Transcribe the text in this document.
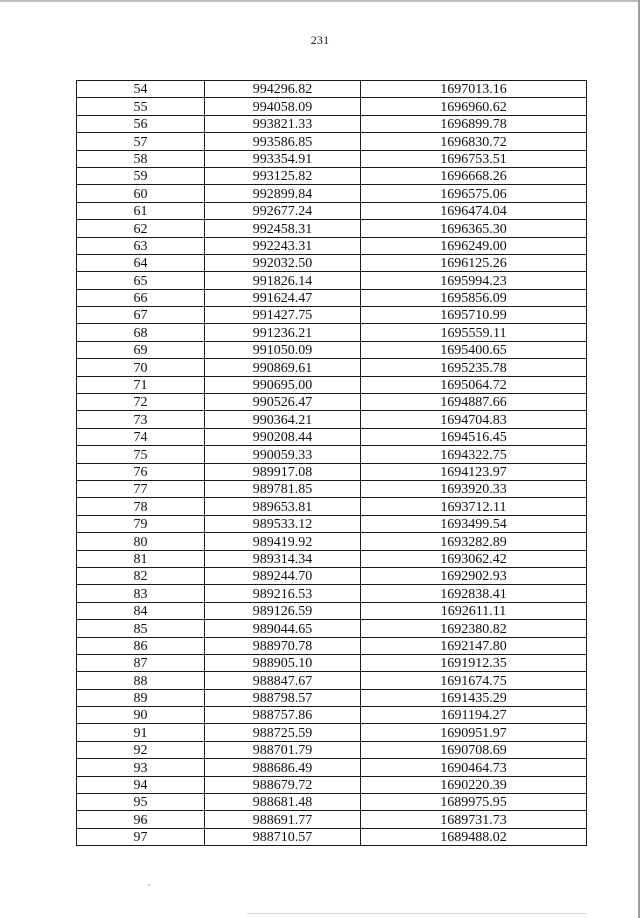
231
54	994296.82	1697013.16
55	994058.09	1696960.62
56	993821.33	1696899.78
57	993586.85	1696830.72
58	993354.91	1696753.51
59	993125.82	1696668.26
60	992899.84	1696575.06
61	992677.24	1696474.04
62	992458.31	1696365.30
63	992243.31	1696249.00
64	992032.50	1696125.26
65	991826.14	1695994.23
66	991624.47	1695856.09
67	991427.75	1695710.99
68	991236.21	1695559.11
69	991050.09	1695400.65
70	990869.61	1695235.78
71	990695.00	1695064.72
72	990526.47	1694887.66
73	990364.21	1694704.83
74	990208.44	1694516.45
75	990059.33	1694322.75
76	989917.08	1694123.97
77	989781.85	1693920.33
78	989653.81	1693712.11
79	989533.12	1693499.54
80	989419.92	1693282.89
81	989314.34	1693062.42
82	989244.70	1692902.93
83	989216.53	1692838.41
84	989126.59	1692611.11
85	989044.65	1692380.82
86	988970.78	1692147.80
87	988905.10	1691912.35
88	988847.67	1691674.75
89	988798.57	1691435.29
90	988757.86	1691194.27
91	988725.59	1690951.97
92	988701.79	1690708.69
93	988686.49	1690464.73
94	988679.72	1690220.39
95	988681.48	1689975.95
96	988691.77	1689731.73
97	988710.57	1689488.02
